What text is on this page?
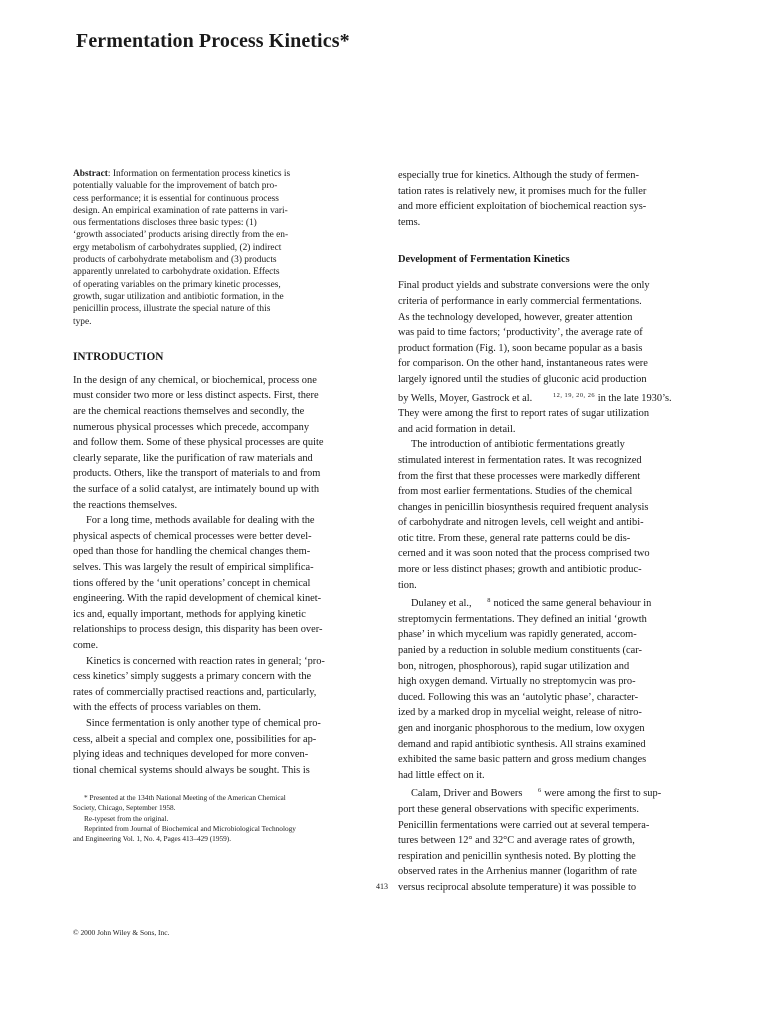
Fermentation Process Kinetics*
Abstract: Information on fermentation process kinetics is
potentially valuable for the improvement of batch pro-
cess performance; it is essential for continuous process
design. An empirical examination of rate patterns in vari-
ous fermentations discloses three basic types: (1)
‘growth associated’ products arising directly from the en-
ergy metabolism of carbohydrates supplied, (2) indirect
products of carbohydrate metabolism and (3) products
apparently unrelated to carbohydrate oxidation. Effects
of operating variables on the primary kinetic processes,
growth, sugar utilization and antibiotic formation, in the
penicillin process, illustrate the special nature of this
type.
INTRODUCTION
In the design of any chemical, or biochemical, process one
must consider two more or less distinct aspects. First, there
are the chemical reactions themselves and secondly, the
numerous physical processes which precede, accompany
and follow them. Some of these physical processes are quite
clearly separate, like the purification of raw materials and
products. Others, like the transport of materials to and from
the surface of a solid catalyst, are intimately bound up with
the reactions themselves.
For a long time, methods available for dealing with the
physical aspects of chemical processes were better devel-
oped than those for handling the chemical changes them-
selves. This was largely the result of empirical simplifica-
tions offered by the ‘unit operations’ concept in chemical
engineering. With the rapid development of chemical kinet-
ics and, equally important, methods for applying kinetic
relationships to process design, this disparity has been over-
come.
Kinetics is concerned with reaction rates in general; ‘pro-
cess kinetics’ simply suggests a primary concern with the
rates of commercially practised reactions and, particularly,
with the effects of process variables on them.
Since fermentation is only another type of chemical pro-
cess, albeit a special and complex one, possibilities for ap-
plying ideas and techniques developed for more conven-
tional chemical systems should always be sought. This is
* Presented at the 134th National Meeting of the American Chemical
Society, Chicago, September 1958.
Re-typeset from the original.
Reprinted from Journal of Biochemical and Microbiological Technology
and Engineering Vol. 1, No. 4, Pages 413–429 (1959).
especially true for kinetics. Although the study of fermen-
tation rates is relatively new, it promises much for the fuller
and more efficient exploitation of biochemical reaction sys-
tems.
Development of Fermentation Kinetics
Final product yields and substrate conversions were the only
criteria of performance in early commercial fermentations.
As the technology developed, however, greater attention
was paid to time factors; ‘productivity’, the average rate of
product formation (Fig. 1), soon became popular as a basis
for comparison. On the other hand, instantaneous rates were
largely ignored until the studies of gluconic acid production
by Wells, Moyer, Gastrock et al.	$^{12, 19, 20, 26}$ in the late 1930’s.
They were among the first to report rates of sugar utilization
and acid formation in detail.
The introduction of antibiotic fermentations greatly
stimulated interest in fermentation rates. It was recognized
from the first that these processes were markedly different
from most earlier fermentations. Studies of the chemical
changes in penicillin biosynthesis required frequent analysis
of carbohydrate and nitrogen levels, cell weight and antibi-
otic titre. From these, general rate patterns could be dis-
cerned and it was soon noted that the process comprised two
more or less distinct phases; growth and antibiotic produc-
tion.
Dulaney et al., $^8$ noticed the same general behaviour in
streptomycin fermentations. They defined an initial ‘growth
phase’ in which mycelium was rapidly generated, accom-
panied by a reduction in soluble medium constituents (car-
bon, nitrogen, phosphorous), rapid sugar utilization and
high oxygen demand. Virtually no streptomycin was pro-
duced. Following this was an ‘autolytic phase’, character-
ized by a marked drop in mycelial weight, release of nitro-
gen and inorganic phosphorous to the medium, low oxygen
demand and rapid antibiotic synthesis. All strains examined
exhibited the same basic pattern and gross medium changes
had little effect on it.
Calam, Driver and Bowers $^6$ were among the first to sup-
port these general observations with specific experiments.
Penicillin fermentations were carried out at several tempera-
tures between 12° and 32°C and average rates of growth,
respiration and penicillin synthesis noted. By plotting the
observed rates in the Arrhenius manner (logarithm of rate
versus reciprocal absolute temperature) it was possible to
413
© 2000 John Wiley & Sons, Inc.
